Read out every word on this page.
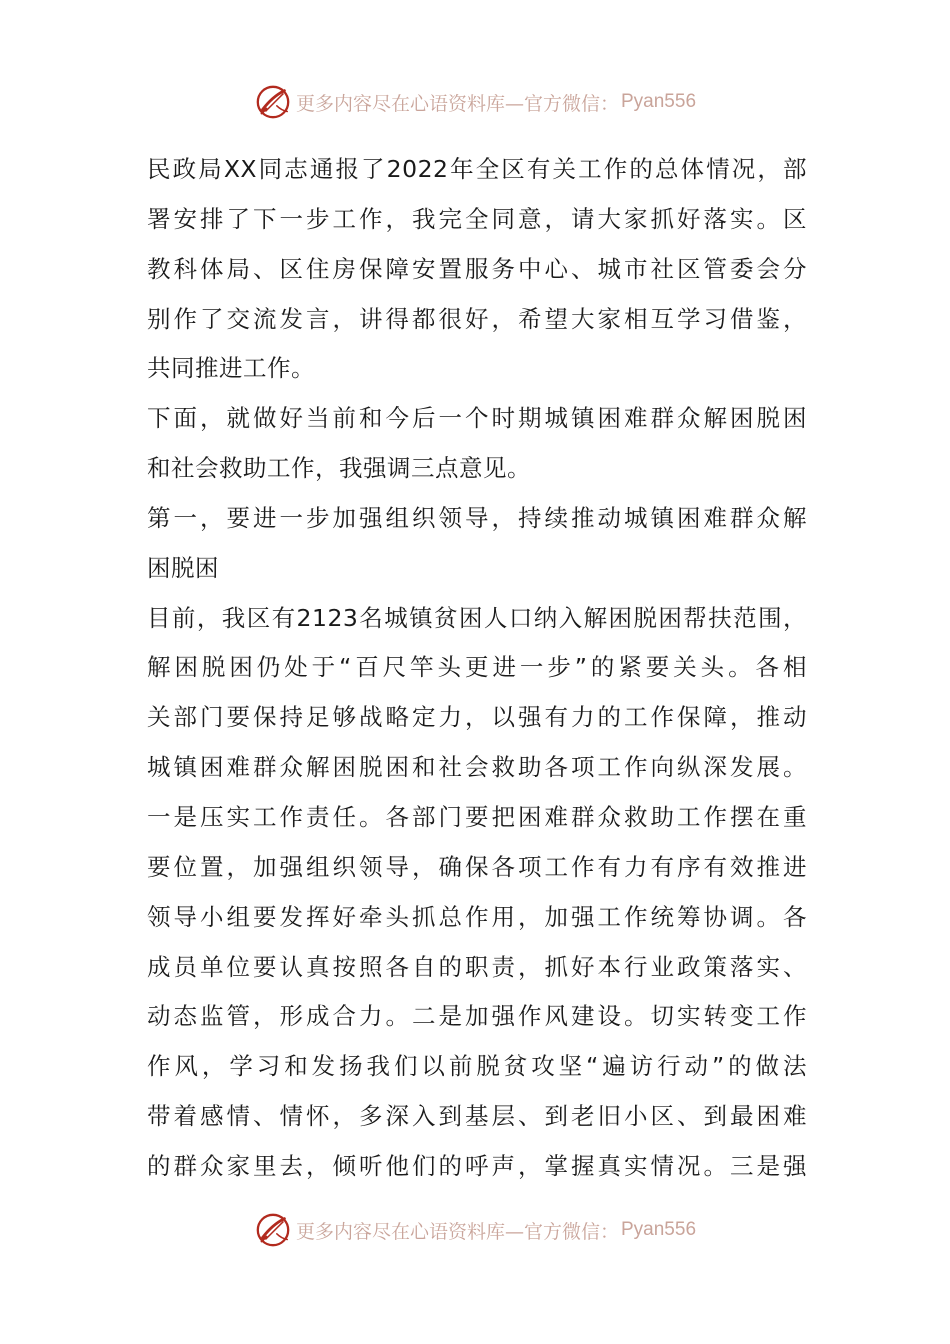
更多内容尽在心语资料库—官方微信： Pyan556
民政局XX同志通报了2022年全区有关工作的总体情况，部
署安排了下一步工作，我完全同意，请大家抓好落实。区
教科体局、区住房保障安置服务中心、城市社区管委会分
别作了交流发言，讲得都很好，希望大家相互学习借鉴，
共同推进工作。
下面，就做好当前和今后一个时期城镇困难群众解困脱困
和社会救助工作，我强调三点意见。
第一，要进一步加强组织领导，持续推动城镇困难群众解
困脱困
目前，我区有2123名城镇贫困人口纳入解困脱困帮扶范围，
解困脱困仍处于“百尺竿头更进一步”的紧要关头。各相
关部门要保持足够战略定力，以强有力的工作保障，推动
城镇困难群众解困脱困和社会救助各项工作向纵深发展。
一是压实工作责任。各部门要把困难群众救助工作摆在重
要位置，加强组织领导，确保各项工作有力有序有效推进
领导小组要发挥好牵头抓总作用，加强工作统筹协调。各
成员单位要认真按照各自的职责，抓好本行业政策落实、
动态监管，形成合力。二是加强作风建设。切实转变工作
作风，学习和发扬我们以前脱贫攻坚“遍访行动”的做法
带着感情、情怀，多深入到基层、到老旧小区、到最困难
的群众家里去，倾听他们的呼声，掌握真实情况。三是强
更多内容尽在心语资料库—官方微信： Pyan556
